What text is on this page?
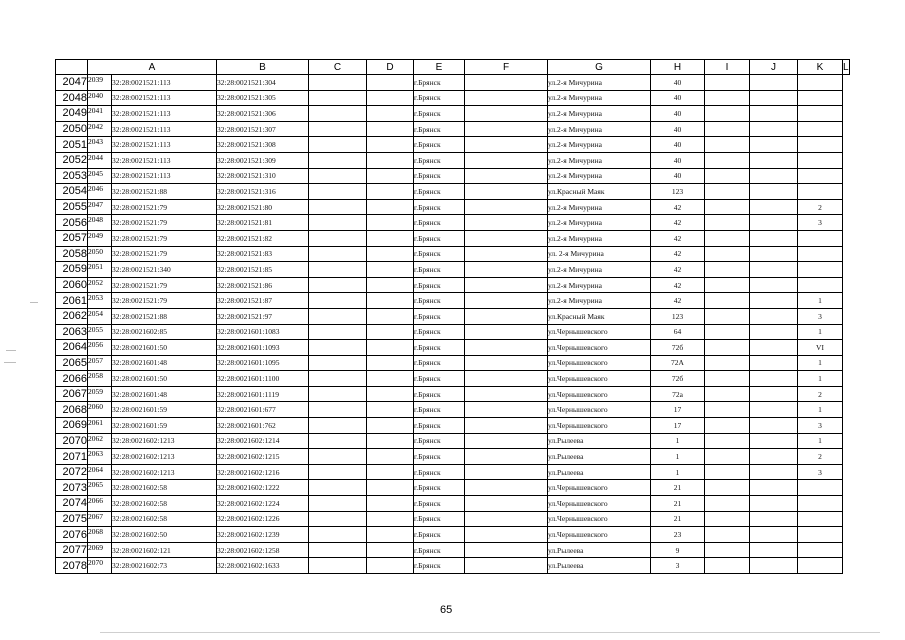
	A		B	C	D	E	F	G	H	I	J	K	L
2047	2039	32:28:0021521:113	32:28:0021521:304			г.Брянск		ул.2-я Мичурина	40				
2048	2040	32:28:0021521:113	32:28:0021521:305			г.Брянск		ул.2-я Мичурина	40				
2049	2041	32:28:0021521:113	32:28:0021521:306			г.Брянск		ул.2-я Мичурина	40				
2050	2042	32:28:0021521:113	32:28:0021521:307			г.Брянск		ул.2-я Мичурина	40				
2051	2043	32:28:0021521:113	32:28:0021521:308			г.Брянск		ул.2-я Мичурина	40				
2052	2044	32:28:0021521:113	32:28:0021521:309			г.Брянск		ул.2-я Мичурина	40				
2053	2045	32:28:0021521:113	32:28:0021521:310			г.Брянск		ул.2-я Мичурина	40				
2054	2046	32:28:0021521:88	32:28:0021521:316			г.Брянск		ул.Красный Маяк	123				
2055	2047	32:28:0021521:79	32:28:0021521:80			г.Брянск		ул.2-я Мичурина	42			2	
2056	2048	32:28:0021521:79	32:28:0021521:81			г.Брянск		ул.2-я Мичурина	42			3	
2057	2049	32:28:0021521:79	32:28:0021521:82			г.Брянск		ул.2-я Мичурина	42				
2058	2050	32:28:0021521:79	32:28:0021521:83			г.Брянск		ул. 2-я Мичурина	42				
2059	2051	32:28:0021521:340	32:28:0021521:85			г.Брянск		ул.2-я Мичурина	42				
2060	2052	32:28:0021521:79	32:28:0021521:86			г.Брянск		ул.2-я Мичурина	42				
2061	2053	32:28:0021521:79	32:28:0021521:87			г.Брянск		ул.2-я Мичурина	42			1	
2062	2054	32:28:0021521:88	32:28:0021521:97			г.Брянск		ул.Красный Маяк	123			3	
2063	2055	32:28:0021602:85	32:28:0021601:1083			г.Брянск		ул.Чернышевского	64			1	
2064	2056	32:28:0021601:50	32:28:0021601:1093			г.Брянск		ул.Чернышевского	72б			VI	
2065	2057	32:28:0021601:48	32:28:0021601:1095			г.Брянск		ул.Чернышевского	72А			1	
2066	2058	32:28:0021601:50	32:28:0021601:1100			г.Брянск		ул.Чернышевского	72б			1	
2067	2059	32:28:0021601:48	32:28:0021601:1119			г.Брянск		ул.Чернышевского	72а			2	
2068	2060	32:28:0021601:59	32:28:0021601:677			г.Брянск		ул.Чернышевского	17			1	
2069	2061	32:28:0021601:59	32:28:0021601:762			г.Брянск		ул.Чернышевского	17			3	
2070	2062	32:28:0021602:1213	32:28:0021602:1214			г.Брянск		ул.Рылеева	1			1	
2071	2063	32:28:0021602:1213	32:28:0021602:1215			г.Брянск		ул.Рылеева	1			2	
2072	2064	32:28:0021602:1213	32:28:0021602:1216			г.Брянск		ул.Рылеева	1			3	
2073	2065	32:28:0021602:58	32:28:0021602:1222			г.Брянск		ул.Чернышевского	21				
2074	2066	32:28:0021602:58	32:28:0021602:1224			г.Брянск		ул.Чернышевского	21				
2075	2067	32:28:0021602:58	32:28:0021602:1226			г.Брянск		ул.Чернышевского	21				
2076	2068	32:28:0021602:50	32:28:0021602:1239			г.Брянск		ул.Чернышевского	23				
2077	2069	32:28:0021602:121	32:28:0021602:1258			г.Брянск		ул.Рылеева	9				
2078	2070	32:28:0021602:73	32:28:0021602:1633			г.Брянск		ул.Рылеева	3				
65
